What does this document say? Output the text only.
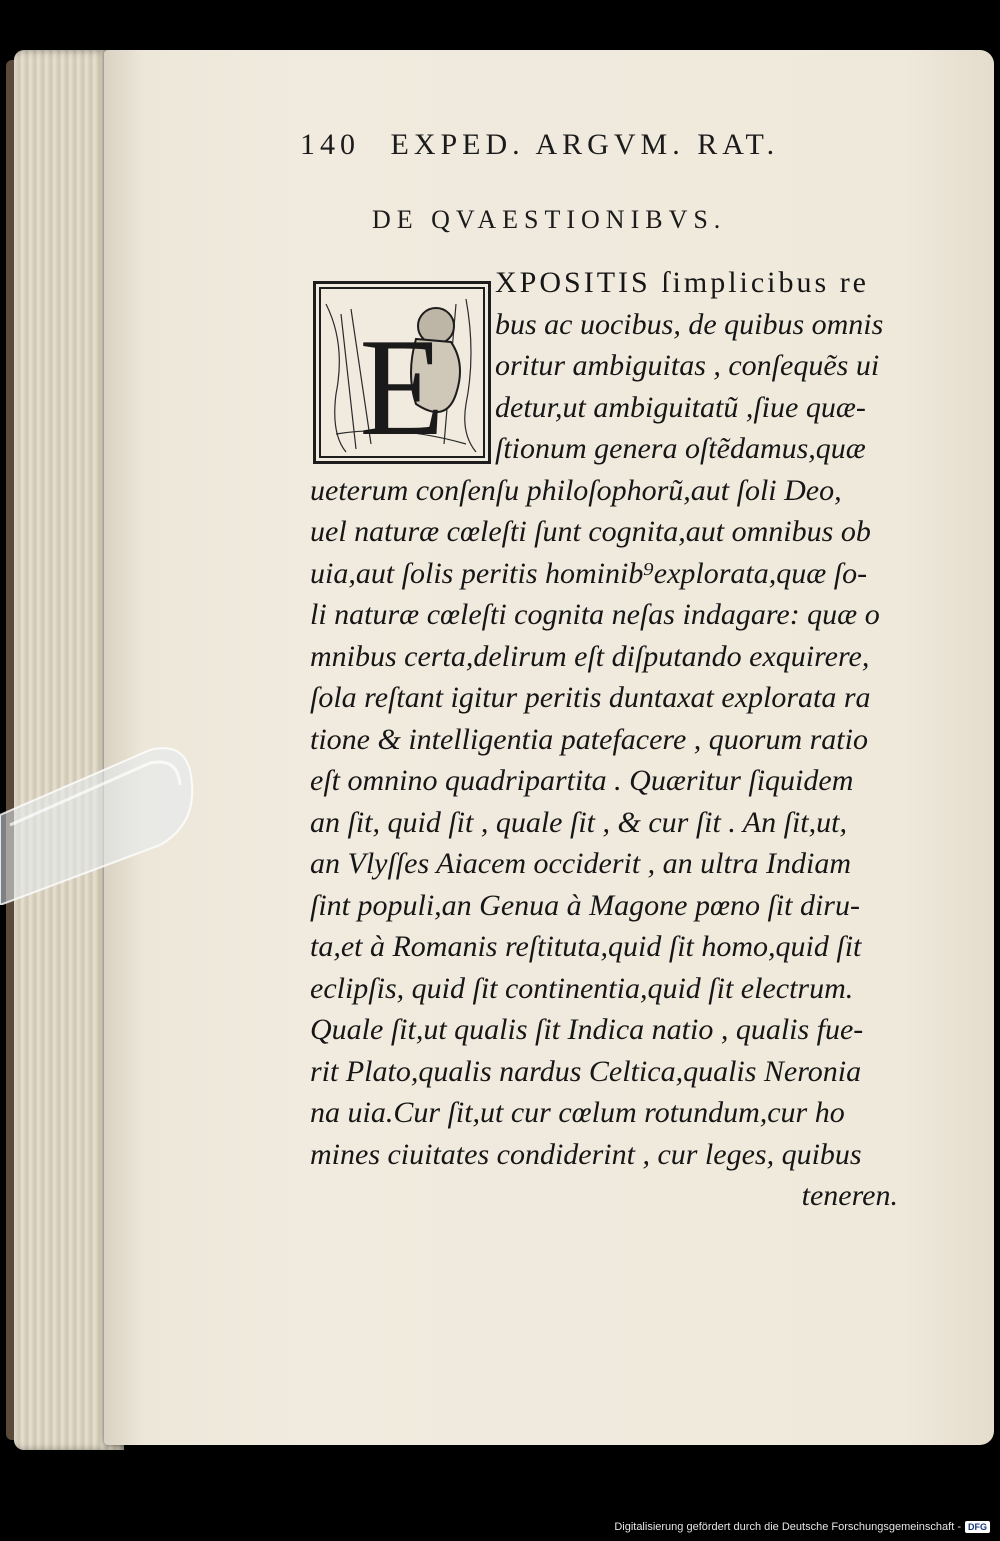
140 EXPED. ARGVM. RAT.
DE QVAESTIONIBVS.
E
XPOSITIS ſimplicibus re
bus ac uocibus, de quibus omnis
oritur ambiguitas , conſequẽs ui
detur,ut ambiguitatũ ,ſiue quæ-
ſtionum genera oſtẽdamus,quæ
ueterum conſenſu philoſophorũ,aut ſoli Deo,
uel naturæ cœleſti ſunt cognita,aut omnibus ob
uia,aut ſolis peritis hominib⁹explorata,quæ ſo-
li naturæ cœleſti cognita neſas indagare: quæ o
mnibus certa,delirum eſt diſputando exquirere,
ſola reſtant igitur peritis duntaxat explorata ra
tione & intelligentia patefacere , quorum ratio
eſt omnino quadripartita . Quæritur ſiquidem
an ſit, quid ſit , quale ſit , & cur ſit . An ſit,ut,
an Vlyſſes Aiacem occiderit , an ultra Indiam
ſint populi,an Genua à Magone pœno ſit diru-
ta,et à Romanis reſtituta,quid ſit homo,quid ſit
eclipſis, quid ſit continentia,quid ſit electrum.
Quale ſit,ut qualis ſit Indica natio , qualis fue-
rit Plato,qualis nardus Celtica,qualis Neronia
na uia.Cur ſit,ut cur cœlum rotundum,cur ho
mines ciuitates condiderint , cur leges, quibus
teneren.
Digitalisierung gefördert durch die Deutsche Forschungsgemeinschaft - DFG
